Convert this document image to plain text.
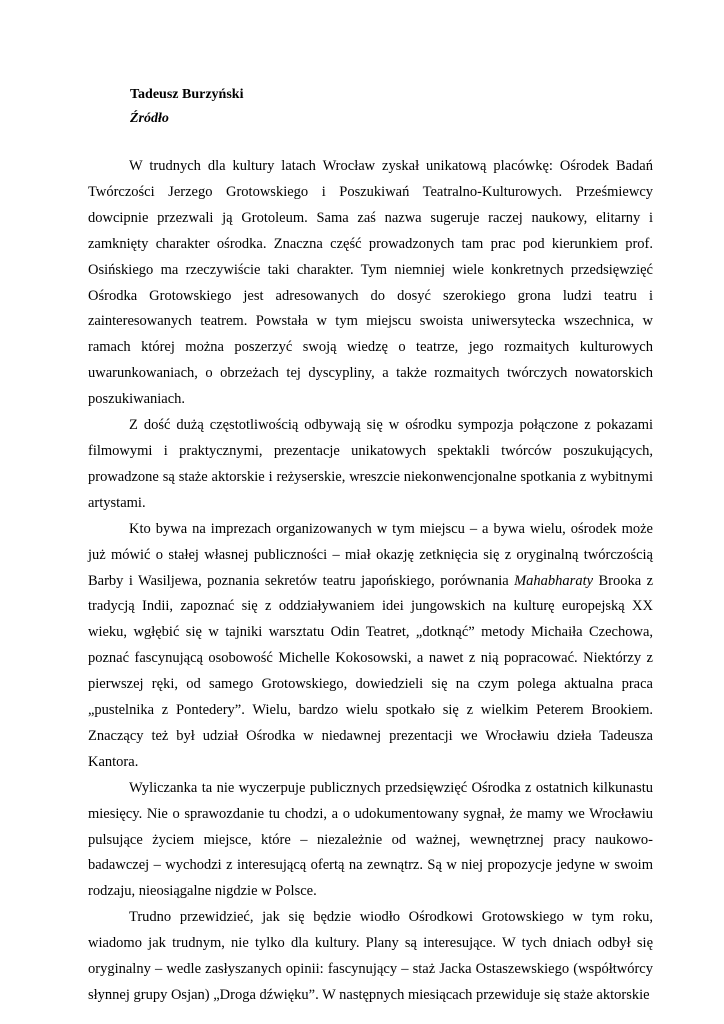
Tadeusz Burzyński
Źródło

W trudnych dla kultury latach Wrocław zyskał unikatową placówkę: Ośrodek Badań Twórczości Jerzego Grotowskiego i Poszukiwań Teatralno-Kulturowych. Prześmiewcy dowcipnie przezwali ją Grotoleum. Sama zaś nazwa sugeruje raczej naukowy, elitarny i zamknięty charakter ośrodka. Znaczna część prowadzonych tam prac pod kierunkiem prof. Osińskiego ma rzeczywiście taki charakter. Tym niemniej wiele konkretnych przedsięwzięć Ośrodka Grotowskiego jest adresowanych do dosyć szerokiego grona ludzi teatru i zainteresowanych teatrem. Powstała w tym miejscu swoista uniwersytecka wszechnica, w ramach której można poszerzyć swoją wiedzę o teatrze, jego rozmaitych kulturowych uwarunkowaniach, o obrzeżach tej dyscypliny, a także rozmaitych twórczych nowatorskich poszukiwaniach.

Z dość dużą częstotliwością odbywają się w ośrodku sympozja połączone z pokazami filmowymi i praktycznymi, prezentacje unikatowych spektakli twórców poszukujących, prowadzone są staże aktorskie i reżyserskie, wreszcie niekonwencjonalne spotkania z wybitnymi artystami.

Kto bywa na imprezach organizowanych w tym miejscu – a bywa wielu, ośrodek może już mówić o stałej własnej publiczności – miał okazję zetknięcia się z oryginalną twórczością Barby i Wasiljewa, poznania sekretów teatru japońskiego, porównania Mahabharaty Brooka z tradycją Indii, zapoznać się z oddziaływaniem idei jungowskich na kulturę europejską XX wieku, wgłębić się w tajniki warsztatu Odin Teatret, „dotknąć” metody Michaiła Czechowa, poznać fascynującą osobowość Michelle Kokosowski, a nawet z nią popracować. Niektórzy z pierwszej ręki, od samego Grotowskiego, dowiedzieli się na czym polega aktualna praca „pustelnika z Pontedery”. Wielu, bardzo wielu spotkało się z wielkim Peterem Brookiem. Znaczący też był udział Ośrodka w niedawnej prezentacji we Wrocławiu dzieła Tadeusza Kantora.

Wyliczanka ta nie wyczerpuje publicznych przedsięwzięć Ośrodka z ostatnich kilkunastu miesięcy. Nie o sprawozdanie tu chodzi, a o udokumentowany sygnał, że mamy we Wrocławiu pulsujące życiem miejsce, które – niezależnie od ważnej, wewnętrznej pracy naukowo-badawczej – wychodzi z interesującą ofertą na zewnątrz. Są w niej propozycje jedyne w swoim rodzaju, nieosiągalne nigdzie w Polsce.

Trudno przewidzieć, jak się będzie wiodło Ośrodkowi Grotowskiego w tym roku, wiadomo jak trudnym, nie tylko dla kultury. Plany są interesujące. W tych dniach odbył się oryginalny – wedle zasłyszanych opinii: fascynujący – staż Jacka Ostaszewskiego (współtwórcy słynnej grupy Osjan) „Droga dźwięku”. W następnych miesiącach przewiduje się staże aktorskie
